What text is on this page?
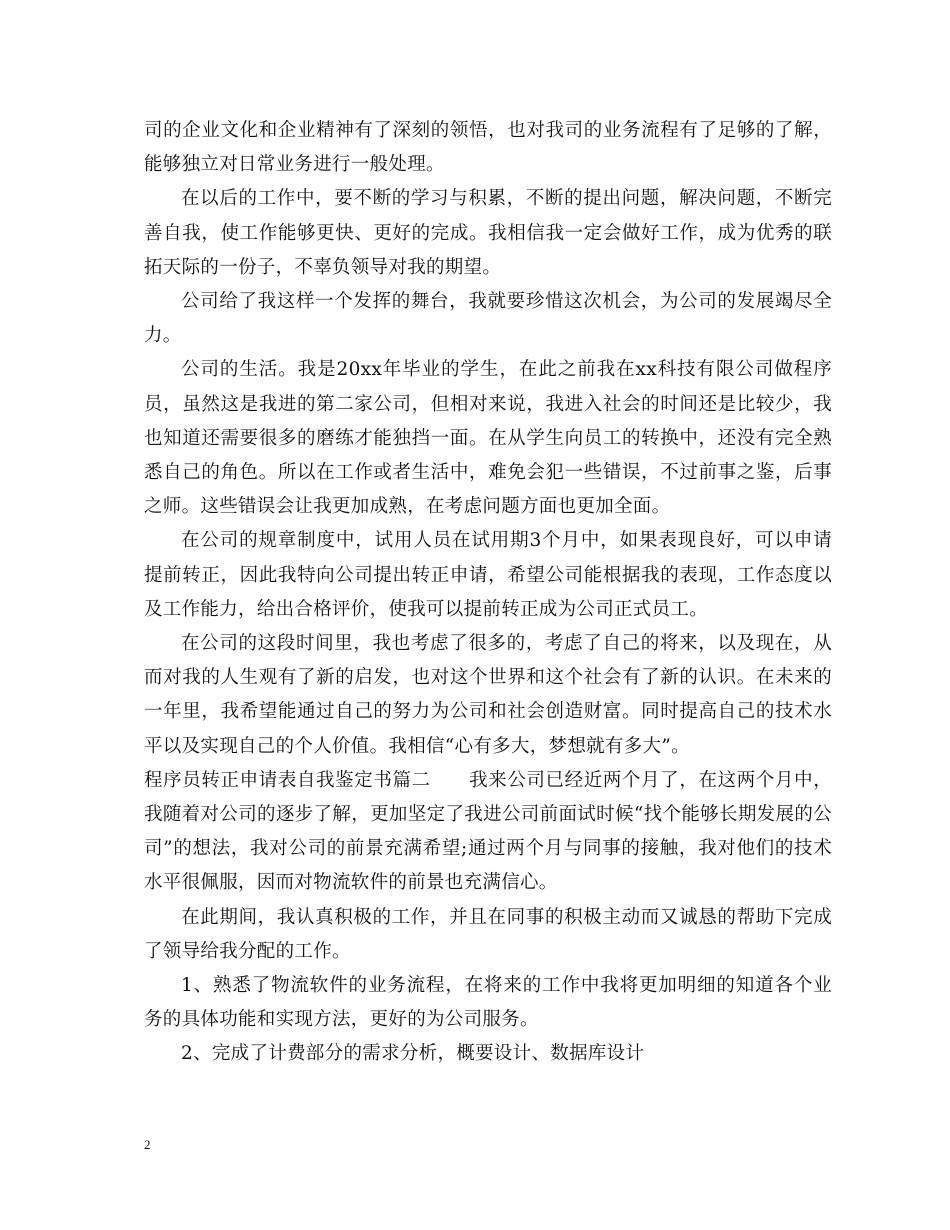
司的企业文化和企业精神有了深刻的领悟，也对我司的业务流程有了足够的了解，能够独立对日常业务进行一般处理。

在以后的工作中，要不断的学习与积累，不断的提出问题，解决问题，不断完善自我，使工作能够更快、更好的完成。我相信我一定会做好工作，成为优秀的联拓天际的一份子，不辜负领导对我的期望。

公司给了我这样一个发挥的舞台，我就要珍惜这次机会，为公司的发展竭尽全力。

公司的生活。我是20xx年毕业的学生，在此之前我在xx科技有限公司做程序员，虽然这是我进的第二家公司，但相对来说，我进入社会的时间还是比较少，我也知道还需要很多的磨练才能独挡一面。在从学生向员工的转换中，还没有完全熟悉自己的角色。所以在工作或者生活中，难免会犯一些错误，不过前事之鉴，后事之师。这些错误会让我更加成熟，在考虑问题方面也更加全面。

在公司的规章制度中，试用人员在试用期3个月中，如果表现良好，可以申请提前转正，因此我特向公司提出转正申请，希望公司能根据我的表现，工作态度以及工作能力，给出合格评价，使我可以提前转正成为公司正式员工。

在公司的这段时间里，我也考虑了很多的，考虑了自己的将来，以及现在，从而对我的人生观有了新的启发，也对这个世界和这个社会有了新的认识。在未来的一年里，我希望能通过自己的努力为公司和社会创造财富。同时提高自己的技术水平以及实现自己的个人价值。我相信“心有多大，梦想就有多大”。

程序员转正申请表自我鉴定书篇二 我来公司已经近两个月了，在这两个月中，我随着对公司的逐步了解，更加坚定了我进公司前面试时候“找个能够长期发展的公司”的想法，我对公司的前景充满希望;通过两个月与同事的接触，我对他们的技术水平很佩服，因而对物流软件的前景也充满信心。

在此期间，我认真积极的工作，并且在同事的积极主动而又诚恳的帮助下完成了领导给我分配的工作。

1、熟悉了物流软件的业务流程，在将来的工作中我将更加明细的知道各个业务的具体功能和实现方法，更好的为公司服务。

2、完成了计费部分的需求分析，概要设计、数据库设计

2
